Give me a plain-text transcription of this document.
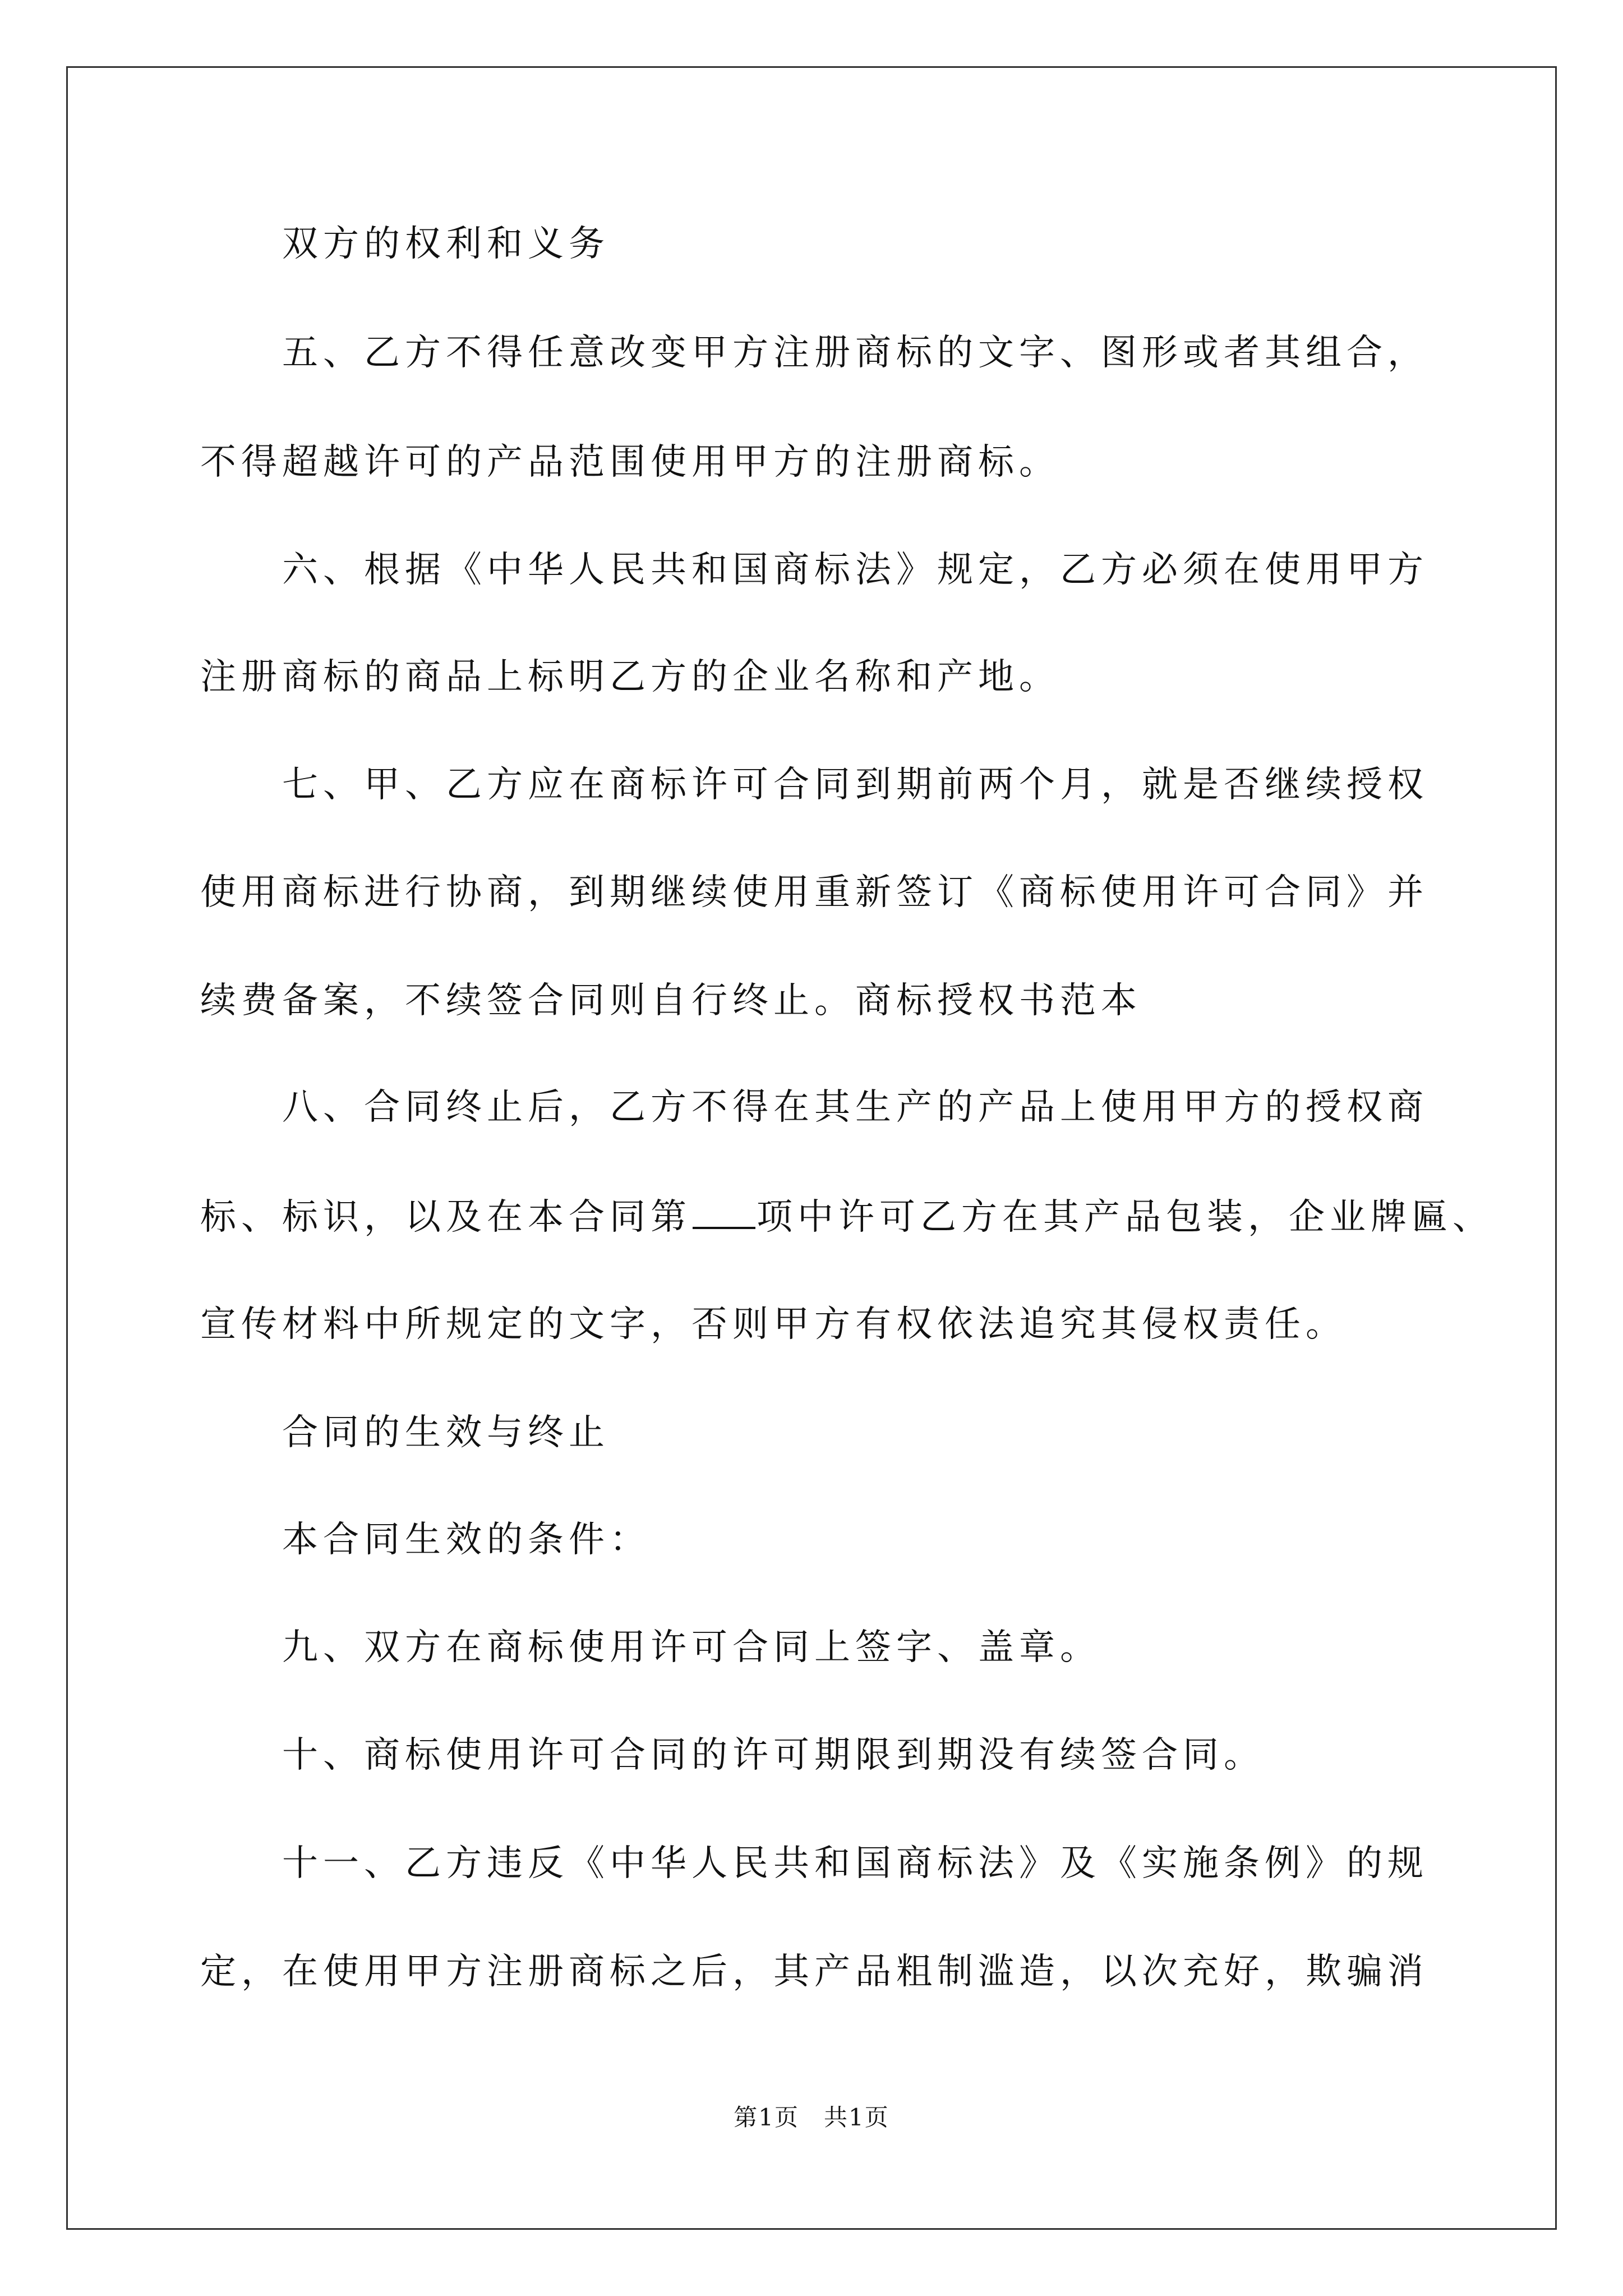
双方的权利和义务
五、乙方不得任意改变甲方注册商标的文字、图形或者其组合，
不得超越许可的产品范围使用甲方的注册商标。
六、根据《中华人民共和国商标法》规定，乙方必须在使用甲方
注册商标的商品上标明乙方的企业名称和产地。
七、甲、乙方应在商标许可合同到期前两个月，就是否继续授权
使用商标进行协商，到期继续使用重新签订《商标使用许可合同》并
续费备案，不续签合同则自行终止。商标授权书范本
八、合同终止后，乙方不得在其生产的产品上使用甲方的授权商
标、标识，以及在本合同第 项中许可乙方在其产品包装，企业牌匾、
宣传材料中所规定的文字，否则甲方有权依法追究其侵权责任。
合同的生效与终止
本合同生效的条件：
九、双方在商标使用许可合同上签字、盖章。
十、商标使用许可合同的许可期限到期没有续签合同。
十一、乙方违反《中华人民共和国商标法》及《实施条例》的规
定，在使用甲方注册商标之后，其产品粗制滥造，以次充好，欺骗消
第1页　共1页
